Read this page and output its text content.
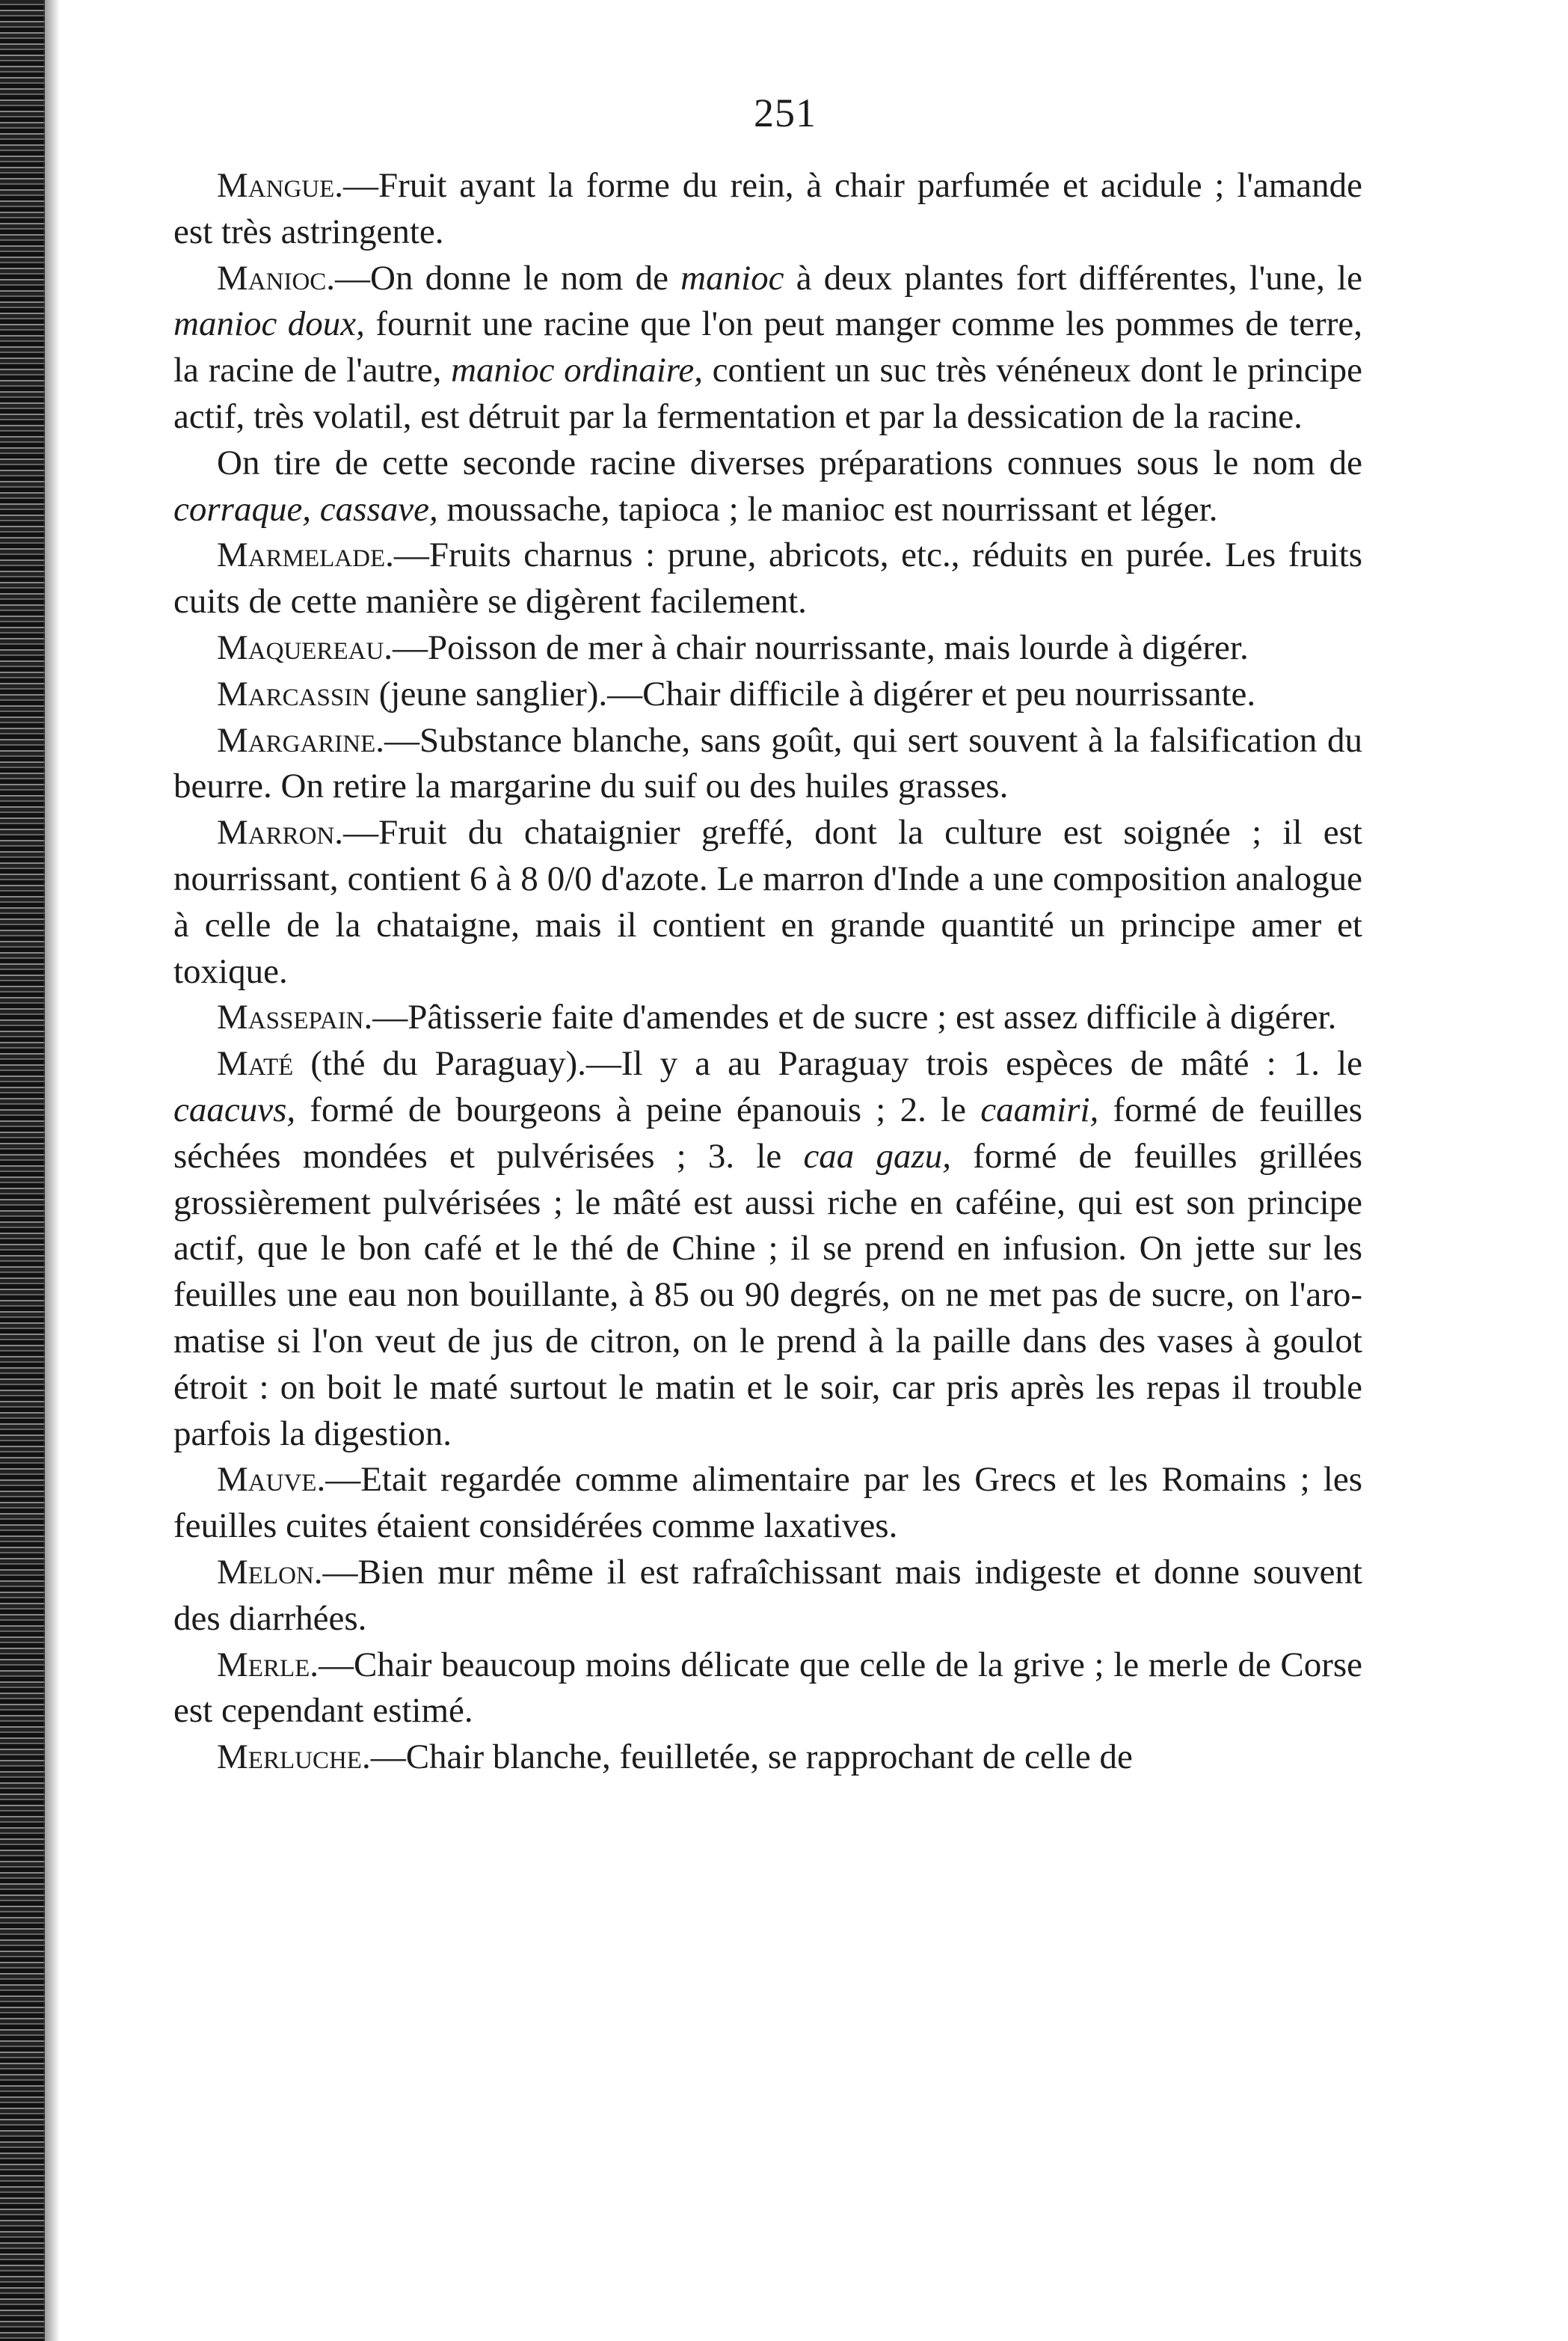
251

Mangue.—Fruit ayant la forme du rein, à chair parfumée et acidule ; l'amande est très astringente.

Manioc.—On donne le nom de manioc à deux plantes fort différentes, l'une, le manioc doux, fournit une racine que l'on peut manger comme les pommes de terre, la racine de l'autre, manioc ordinaire, contient un suc très vénéneux dont le principe actif, très volatil, est détruit par la fermentation et par la dessication de la racine.

On tire de cette seconde racine diverses préparations connues sous le nom de corraque, cassave, moussache, tapioca ; le manioc est nourrissant et léger.

Marmelade.—Fruits charnus : prune, abricots, etc., réduits en purée. Les fruits cuits de cette manière se digèrent facilement.

Maquereau.—Poisson de mer à chair nourrissante, mais lourde à digérer.

Marcassin (jeune sanglier).—Chair difficile à digérer et peu nourrissante.

Margarine.—Substance blanche, sans goût, qui sert souvent à la falsification du beurre. On retire la margarine du suif ou des huiles grasses.

Marron.—Fruit du chataignier greffé, dont la culture est soignée ; il est nourrissant, contient 6 à 8 0/0 d'azote. Le marron d'Inde a une composition analogue à celle de la chataigne, mais il contient en grande quantité un principe amer et toxique.

Massepain.—Pâtisserie faite d'amendes et de sucre ; est assez difficile à digérer.

Maté (thé du Paraguay).—Il y a au Paraguay trois espèces de mâté : 1. le caacuvs, formé de bourgeons à peine épanouis ; 2. le caamiri, formé de feuilles séchées mondées et pulvérisées ; 3. le caa gazu, formé de feuilles grillées grossièrement pulvérisées ; le mâté est aussi riche en caféine, qui est son principe actif, que le bon café et le thé de Chine ; il se prend en infusion. On jette sur les feuilles une eau non bouillante, à 85 ou 90 degrés, on ne met pas de sucre, on l'aromatise si l'on veut de jus de citron, on le prend à la paille dans des vases à goulot étroit : on boit le maté surtout le matin et le soir, car pris après les repas il trouble parfois la digestion.

Mauve.—Etait regardée comme alimentaire par les Grecs et les Romains ; les feuilles cuites étaient considérées comme laxatives.

Melon.—Bien mur même il est rafraîchissant mais indigeste et donne souvent des diarrhées.

Merle.—Chair beaucoup moins délicate que celle de la grive ; le merle de Corse est cependant estimé.

Merluche.—Chair blanche, feuilletée, se rapprochant de celle de
